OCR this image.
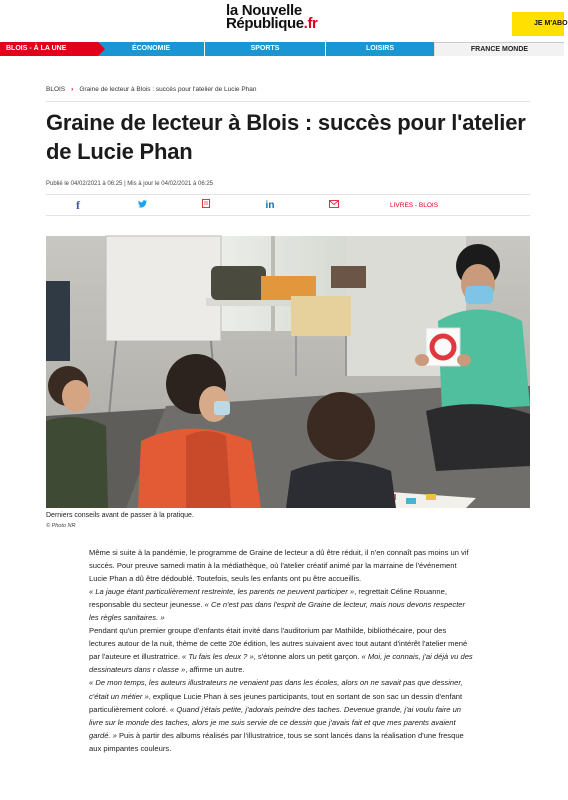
la Nouvelle
République.fr	JE M'ABO
BLOIS - À LA UNE	ÉCONOMIE	SPORTS	LOISIRS	FRANCE MONDE
BLOIS › Graine de lecteur à Blois : succès pour l'atelier de Lucie Phan
Graine de lecteur à Blois : succès pour l'atelier de Lucie Phan
Publié le 04/02/2021 à 06:25 | Mis à jour le 04/02/2021 à 06:25
f	in	LIVRES - BLOIS
Derniers conseils avant de passer à la pratique.
© Photo NR

Même si suite à la pandémie, le programme de Graine de lecteur a dû être réduit, il n'en connaît pas moins un vif succès. Pour preuve samedi matin à la médiathèque, où l'atelier créatif animé par la marraine de l'événement Lucie Phan a dû être dédoublé. Toutefois, seuls les enfants ont pu être accueillis.

« La jauge étant particulièrement restreinte, les parents ne peuvent participer », regrettait Céline Rouanne, responsable du secteur jeunesse. « Ce n'est pas dans l'esprit de Graine de lecteur, mais nous devons respecter les règles sanitaires. »

Pendant qu'un premier groupe d'enfants était invité dans l'auditorium par Mathilde, bibliothécaire, pour des lectures autour de la nuit, thème de cette 20e édition, les autres suivaient avec tout autant d'intérêt l'atelier mené par l'auteure et illustratrice. « Tu fais les deux ? », s'étonne alors un petit garçon. « Moi, je connais, j'ai déjà vu des dessinateurs dans r classe », affirme un autre.

« De mon temps, les auteurs illustrateurs ne venaient pas dans les écoles, alors on ne savait pas que dessiner, c'était un métier », explique Lucie Phan à ses jeunes participants, tout en sortant de son sac un dessin d'enfant particulièrement coloré. « Quand j'étais petite, j'adorais peindre des taches. Devenue grande, j'ai voulu faire un livre sur le monde des taches, alors je me suis servie de ce dessin que j'avais fait et que mes parents avaient gardé. » Puis à partir des albums réalisés par l'illustratrice, tous se sont lancés dans la réalisation d'une fresque aux pimpantes couleurs.
